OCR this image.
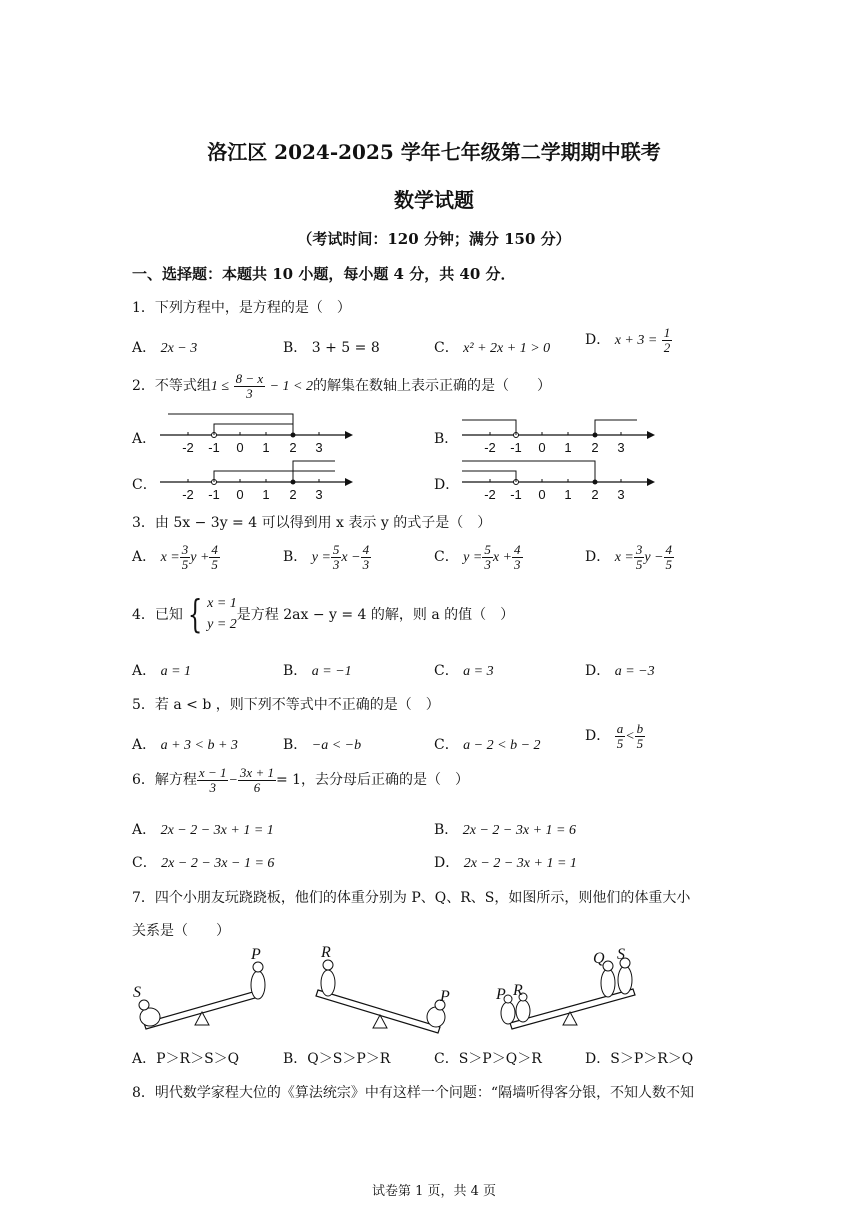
洛江区 2024-2025 学年七年级第二学期期中联考
数学试题
（考试时间：120 分钟；满分 150 分）
一、选择题：本题共 10 小题，每小题 4 分，共 40 分．
1．下列方程中，是方程的是（　）
A． 2x − 3	B． 3 + 5 = 8	C． x² + 2x + 1 > 0
D． $x + 3 = \frac{1}{2}$
2．不等式组$1 \le \frac{8 - x}{3} - 1 < 2$的解集在数轴上表示正确的是（　　）
A．	B．
C．	D．
-2 -1 0 1 2 3	-2 -1 0 1 2 3
-2 -1 0 1 2 3	-2 -1 0 1 2 3
3．由 5x − 3y = 4 可以得到用 x 表示 y 的式子是（　）
A． $x = \frac{3}{5}$ $y + \frac{4}{5}$	B． $y = \frac{5}{3}$ $x - \frac{4}{3}$	C． $y = \frac{5}{3}$ $x + \frac{4}{3}$	D． $x = \frac{3}{5}$ $y - \frac{4}{5}$
4．已知 { x = 1
y = 2是方程 2ax − y = 4 的解，则 a 的值（　）
A． a = 1	B． a = −1	C． a = 3	D． a = −3
5．若 a < b ，则下列不等式中不正确的是（　）
A． a + 3 < b + 3	B． −a < −b	C． a − 2 < b − 2
D． $\frac{a}{5} < \frac{b}{5}$
6．解方程 $\frac{x - 1}{3} - \frac{3x + 1}{6} = 1$，去分母后正确的是（　）
A． 2x − 2 − 3x + 1 = 1	B． 2x − 2 − 3x + 1 = 6
C． 2x − 2 − 3x − 1 = 6	D． 2x − 2 − 3x + 1 = 1
7．四个小朋友玩跷跷板，他们的体重分别为 P、Q、R、S，如图所示，则他们的体重大小
关系是（　　）
S
P	R
P	P R
Q S
A．P＞R＞S＞Q	B．Q＞S＞P＞R	C．S＞P＞Q＞R	D．S＞P＞R＞Q
8．明代数学家程大位的《算法统宗》中有这样一个问题：“隔墙听得客分银，不知人数不知
试卷第 1 页，共 4 页
